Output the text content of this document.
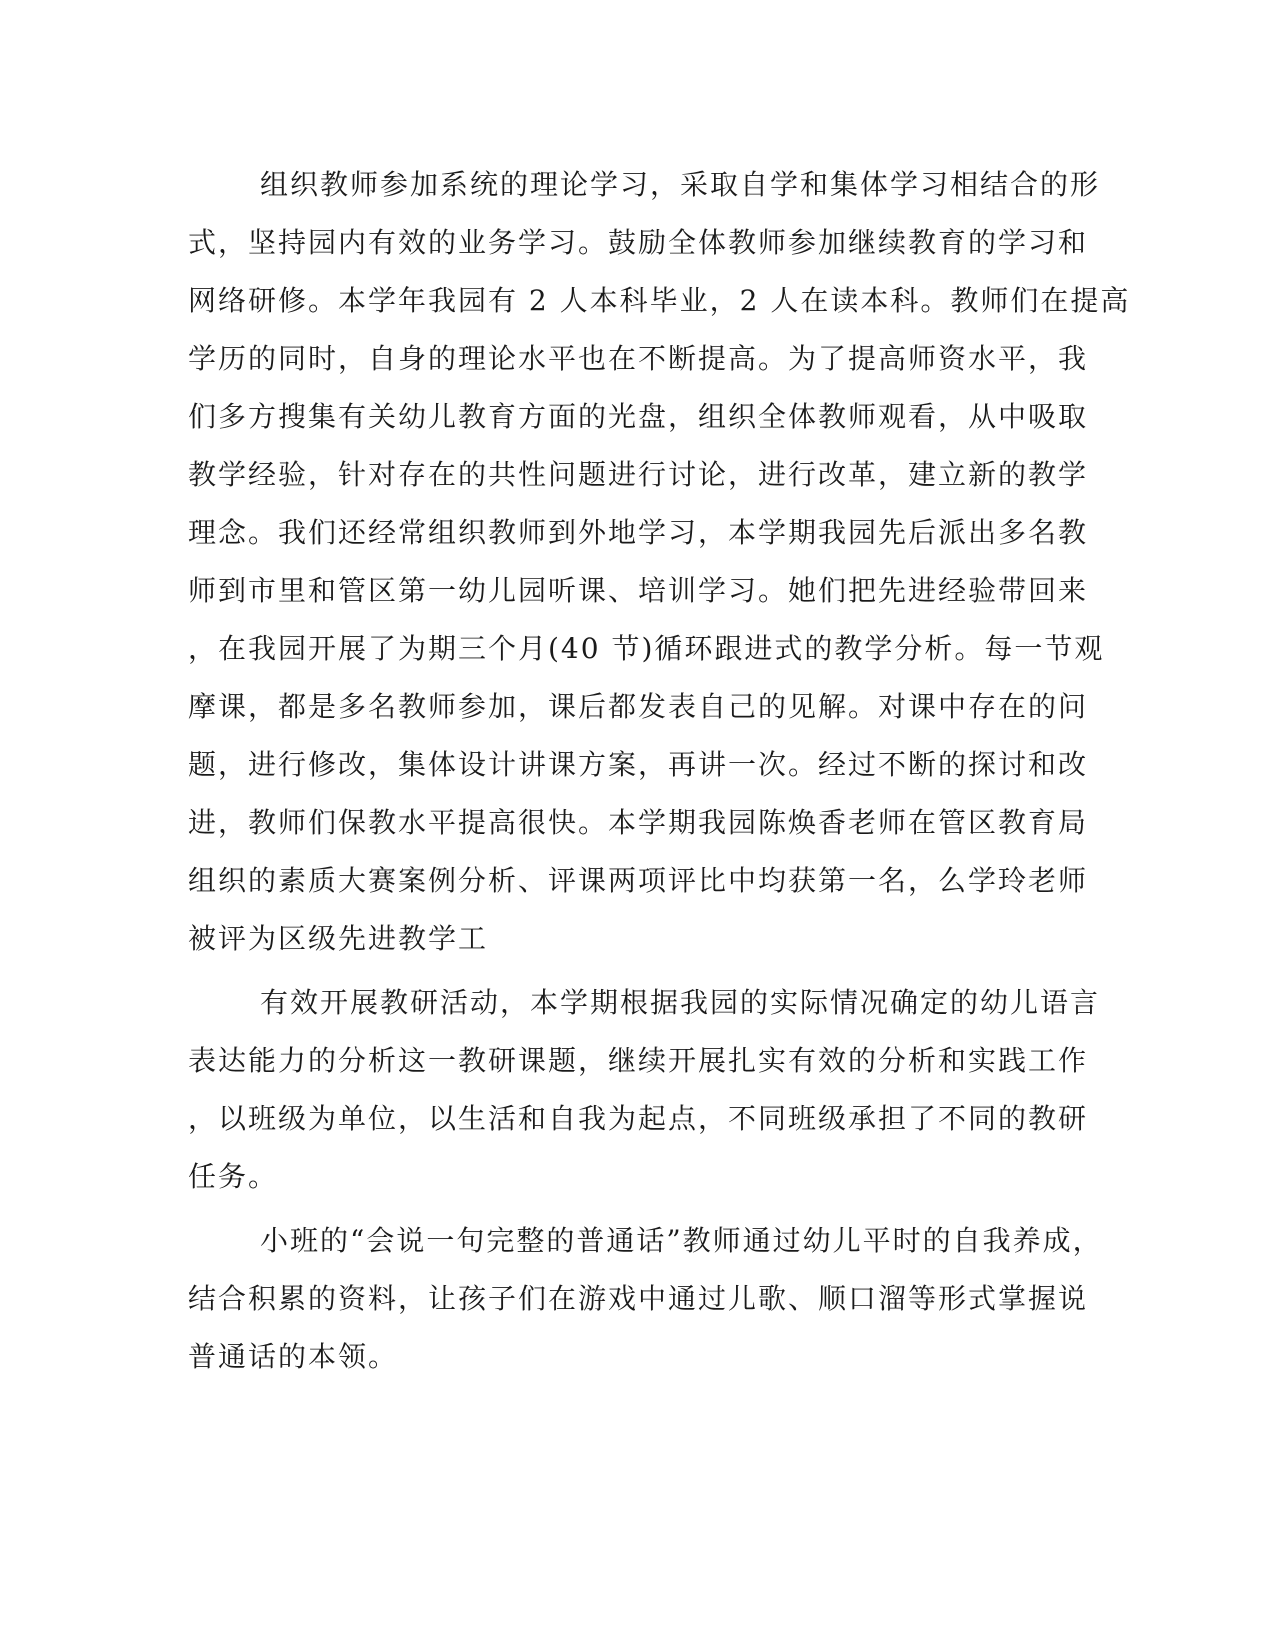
组织教师参加系统的理论学习，采取自学和集体学习相结合的形
式，坚持园内有效的业务学习。鼓励全体教师参加继续教育的学习和
网络研修。本学年我园有 2 人本科毕业，2 人在读本科。教师们在提高
学历的同时，自身的理论水平也在不断提高。为了提高师资水平，我
们多方搜集有关幼儿教育方面的光盘，组织全体教师观看，从中吸取
教学经验，针对存在的共性问题进行讨论，进行改革，建立新的教学
理念。我们还经常组织教师到外地学习，本学期我园先后派出多名教
师到市里和管区第一幼儿园听课、培训学习。她们把先进经验带回来
，在我园开展了为期三个月(40 节)循环跟进式的教学分析。每一节观
摩课，都是多名教师参加，课后都发表自己的见解。对课中存在的问
题，进行修改，集体设计讲课方案，再讲一次。经过不断的探讨和改
进，教师们保教水平提高很快。本学期我园陈焕香老师在管区教育局
组织的素质大赛案例分析、评课两项评比中均获第一名，么学玲老师
被评为区级先进教学工
有效开展教研活动，本学期根据我园的实际情况确定的幼儿语言
表达能力的分析这一教研课题，继续开展扎实有效的分析和实践工作
，以班级为单位，以生活和自我为起点，不同班级承担了不同的教研
任务。
小班的“会说一句完整的普通话”教师通过幼儿平时的自我养成，
结合积累的资料，让孩子们在游戏中通过儿歌、顺口溜等形式掌握说
普通话的本领。
